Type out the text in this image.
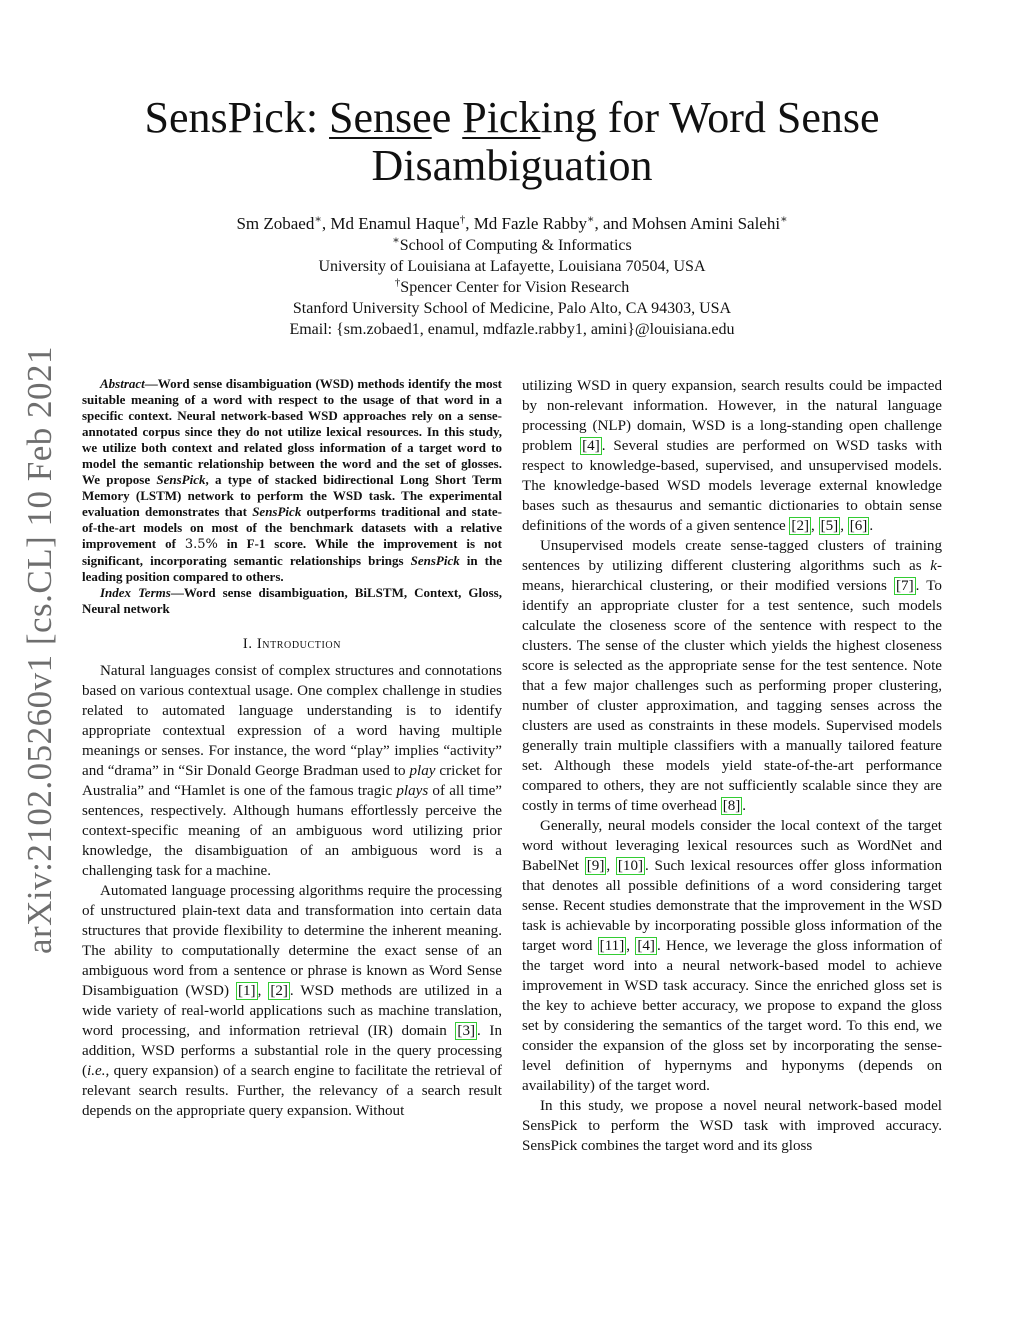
arXiv:2102.05260v1 [cs.CL] 10 Feb 2021
SensPick: Sensee Picking for Word Sense
Disambiguation
Sm Zobaed∗, Md Enamul Haque†, Md Fazle Rabby∗, and Mohsen Amini Salehi∗
∗School of Computing & Informatics
University of Louisiana at Lafayette, Louisiana 70504, USA
†Spencer Center for Vision Research
Stanford University School of Medicine, Palo Alto, CA 94303, USA
Email: {sm.zobaed1, enamul, mdfazle.rabby1, amini}@louisiana.edu

Abstract—Word sense disambiguation (WSD) methods identify the most suitable meaning of a word with respect to the usage of that word in a specific context. Neural network-based WSD approaches rely on a sense-annotated corpus since they do not utilize lexical resources. In this study, we utilize both context and related gloss information of a target word to model the semantic relationship between the word and the set of glosses. We propose SensPick, a type of stacked bidirectional Long Short Term Memory (LSTM) network to perform the WSD task. The experimental evaluation demonstrates that SensPick outperforms traditional and state-of-the-art models on most of the benchmark datasets with a relative improvement of 3.5% in F-1 score. While the improvement is not significant, incorporating semantic relationships brings SensPick in the leading position compared to others.

Index Terms—Word sense disambiguation, BiLSTM, Context, Gloss, Neural network

I. Introduction

Natural languages consist of complex structures and connotations based on various contextual usage. One complex challenge in studies related to automated language understanding is to identify appropriate contextual expression of a word having multiple meanings or senses. For instance, the word “play” implies “activity” and “drama” in “Sir Donald George Bradman used to play cricket for Australia” and “Hamlet is one of the famous tragic plays of all time” sentences, respectively. Although humans effortlessly perceive the context-specific meaning of an ambiguous word utilizing prior knowledge, the disambiguation of an ambiguous word is a challenging task for a machine.

Automated language processing algorithms require the processing of unstructured plain-text data and transformation into certain data structures that provide flexibility to determine the inherent meaning. The ability to computationally determine the exact sense of an ambiguous word from a sentence or phrase is known as Word Sense Disambiguation (WSD) [1] , [2] . WSD methods are utilized in a wide variety of real-world applications such as machine translation, word processing, and information retrieval (IR) domain [3] . In addition, WSD performs a substantial role in the query processing (i.e., query expansion) of a search engine to facilitate the retrieval of relevant search results. Further, the relevancy of a search result depends on the appropriate query expansion. Without

utilizing WSD in query expansion, search results could be impacted by non-relevant information. However, in the natural language processing (NLP) domain, WSD is a long-standing open challenge problem [4] . Several studies are performed on WSD tasks with respect to knowledge-based, supervised, and unsupervised models. The knowledge-based WSD models leverage external knowledge bases such as thesaurus and semantic dictionaries to obtain sense definitions of the words of a given sentence [2] , [5] , [6] .

Unsupervised models create sense-tagged clusters of training sentences by utilizing different clustering algorithms such as k-means, hierarchical clustering, or their modified versions [7] . To identify an appropriate cluster for a test sentence, such models calculate the closeness score of the sentence with respect to the clusters. The sense of the cluster which yields the highest closeness score is selected as the appropriate sense for the test sentence. Note that a few major challenges such as performing proper clustering, number of cluster approximation, and tagging senses across the clusters are used as constraints in these models. Supervised models generally train multiple classifiers with a manually tailored feature set. Although these models yield state-of-the-art performance compared to others, they are not sufficiently scalable since they are costly in terms of time overhead [8] .

Generally, neural models consider the local context of the target word without leveraging lexical resources such as WordNet and BabelNet [9] , [10] . Such lexical resources offer gloss information that denotes all possible definitions of a word considering target sense. Recent studies demonstrate that the improvement in the WSD task is achievable by incorporating possible gloss information of the target word [11] , [4] . Hence, we leverage the gloss information of the target word into a neural network-based model to achieve improvement in WSD task accuracy. Since the enriched gloss set is the key to achieve better accuracy, we propose to expand the gloss set by considering the semantics of the target word. To this end, we consider the expansion of the gloss set by incorporating the sense-level definition of hypernyms and hyponyms (depends on availability) of the target word.

In this study, we propose a novel neural network-based model SensPick to perform the WSD task with improved accuracy. SensPick combines the target word and its gloss
